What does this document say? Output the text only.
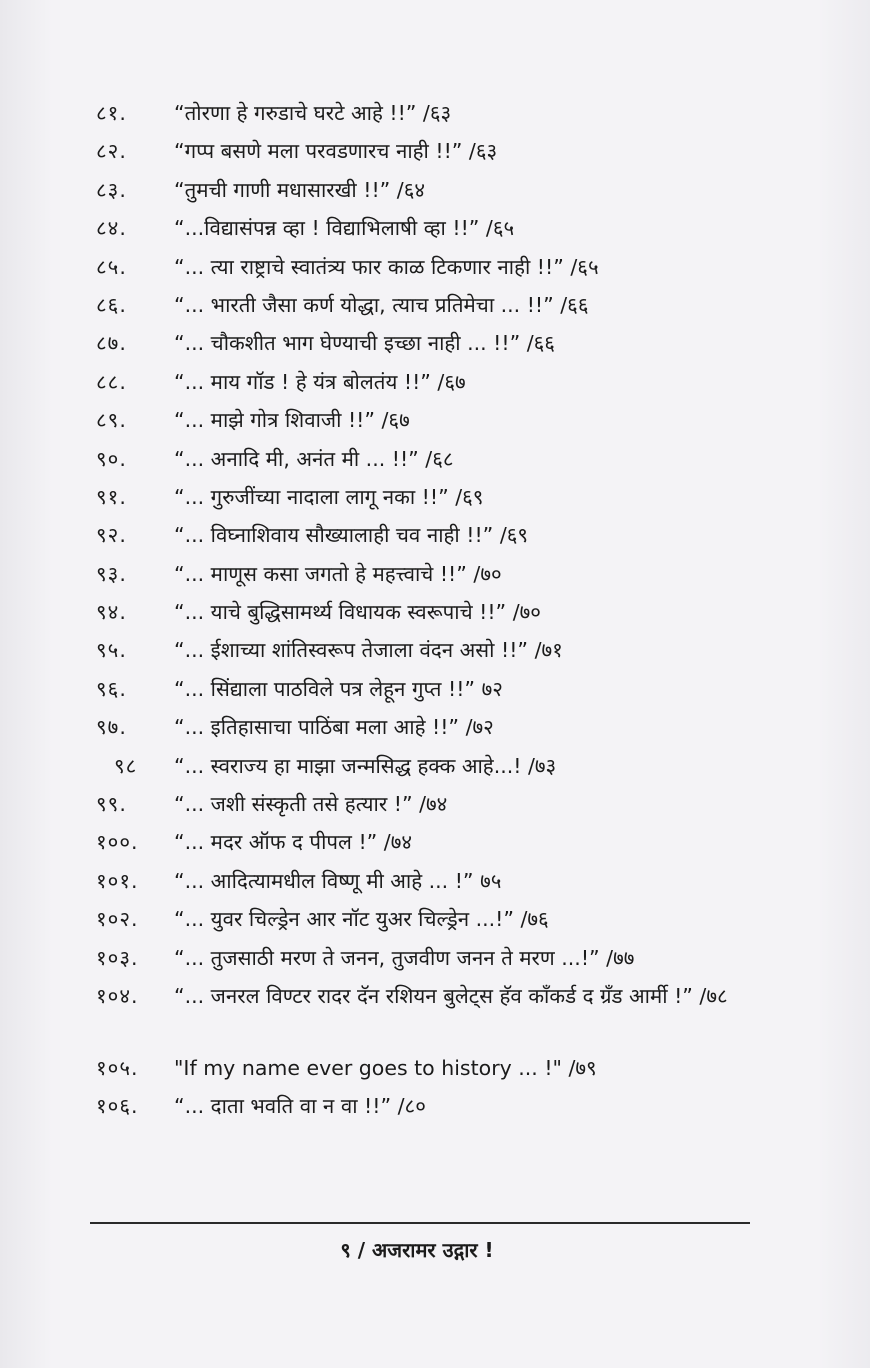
८१.	“तोरणा हे गरुडाचे घरटे आहे !!” /६३
८२.	“गप्प बसणे मला परवडणारच नाही !!” /६३
८३.	“तुमची गाणी मधासारखी !!” /६४
८४.	“...विद्यासंपन्न व्हा ! विद्याभिलाषी व्हा !!” /६५
८५.	“... त्या राष्ट्राचे स्वातंत्र्य फार काळ टिकणार नाही !!” /६५
८६.	“... भारती जैसा कर्ण योद्धा, त्याच प्रतिमेचा ... !!” /६६
८७.	“... चौकशीत भाग घेण्याची इच्छा नाही ... !!” /६६
८८.	“... माय गॉड ! हे यंत्र बोलतंय !!” /६७
८९.	“... माझे गोत्र शिवाजी !!” /६७
९०.	“... अनादि मी, अनंत मी ... !!” /६८
९१.	“... गुरुजींच्या नादाला लागू नका !!” /६९
९२.	“... विघ्नाशिवाय सौख्यालाही चव नाही !!” /६९
९३.	“... माणूस कसा जगतो हे महत्त्वाचे !!” /७०
९४.	“... याचे बुद्धिसामर्थ्य विधायक स्वरूपाचे !!” /७०
९५.	“... ईशाच्या शांतिस्वरूप तेजाला वंदन असो !!” /७१
९६.	“... सिंद्याला पाठविले पत्र लेहून गुप्त !!” ७२
९७.	“... इतिहासाचा पाठिंबा मला आहे !!” /७२
९८	“... स्वराज्य हा माझा जन्मसिद्ध हक्क आहे...! /७३
९९.	“... जशी संस्कृती तसे हत्यार !” /७४
१००.	“... मदर ऑफ द पीपल !” /७४
१०१.	“... आदित्यामधील विष्णू मी आहे ... !” ७५
१०२.	“... युवर चिल्ड्रेन आर नॉट युअर चिल्ड्रेन ...!” /७६
१०३.	“... तुजसाठी मरण ते जनन, तुजवीण जनन ते मरण ...!” /७७
१०४.	“... जनरल विण्टर रादर दॅन रशियन बुलेट्स हॅव कॉंकर्ड द ग्रॅंड आर्मी !” /७८
१०५.	"If my name ever goes to history ... !" /७९
१०६.	“... दाता भवति वा न वा !!” /८०
९ / अजरामर उद्गार !
